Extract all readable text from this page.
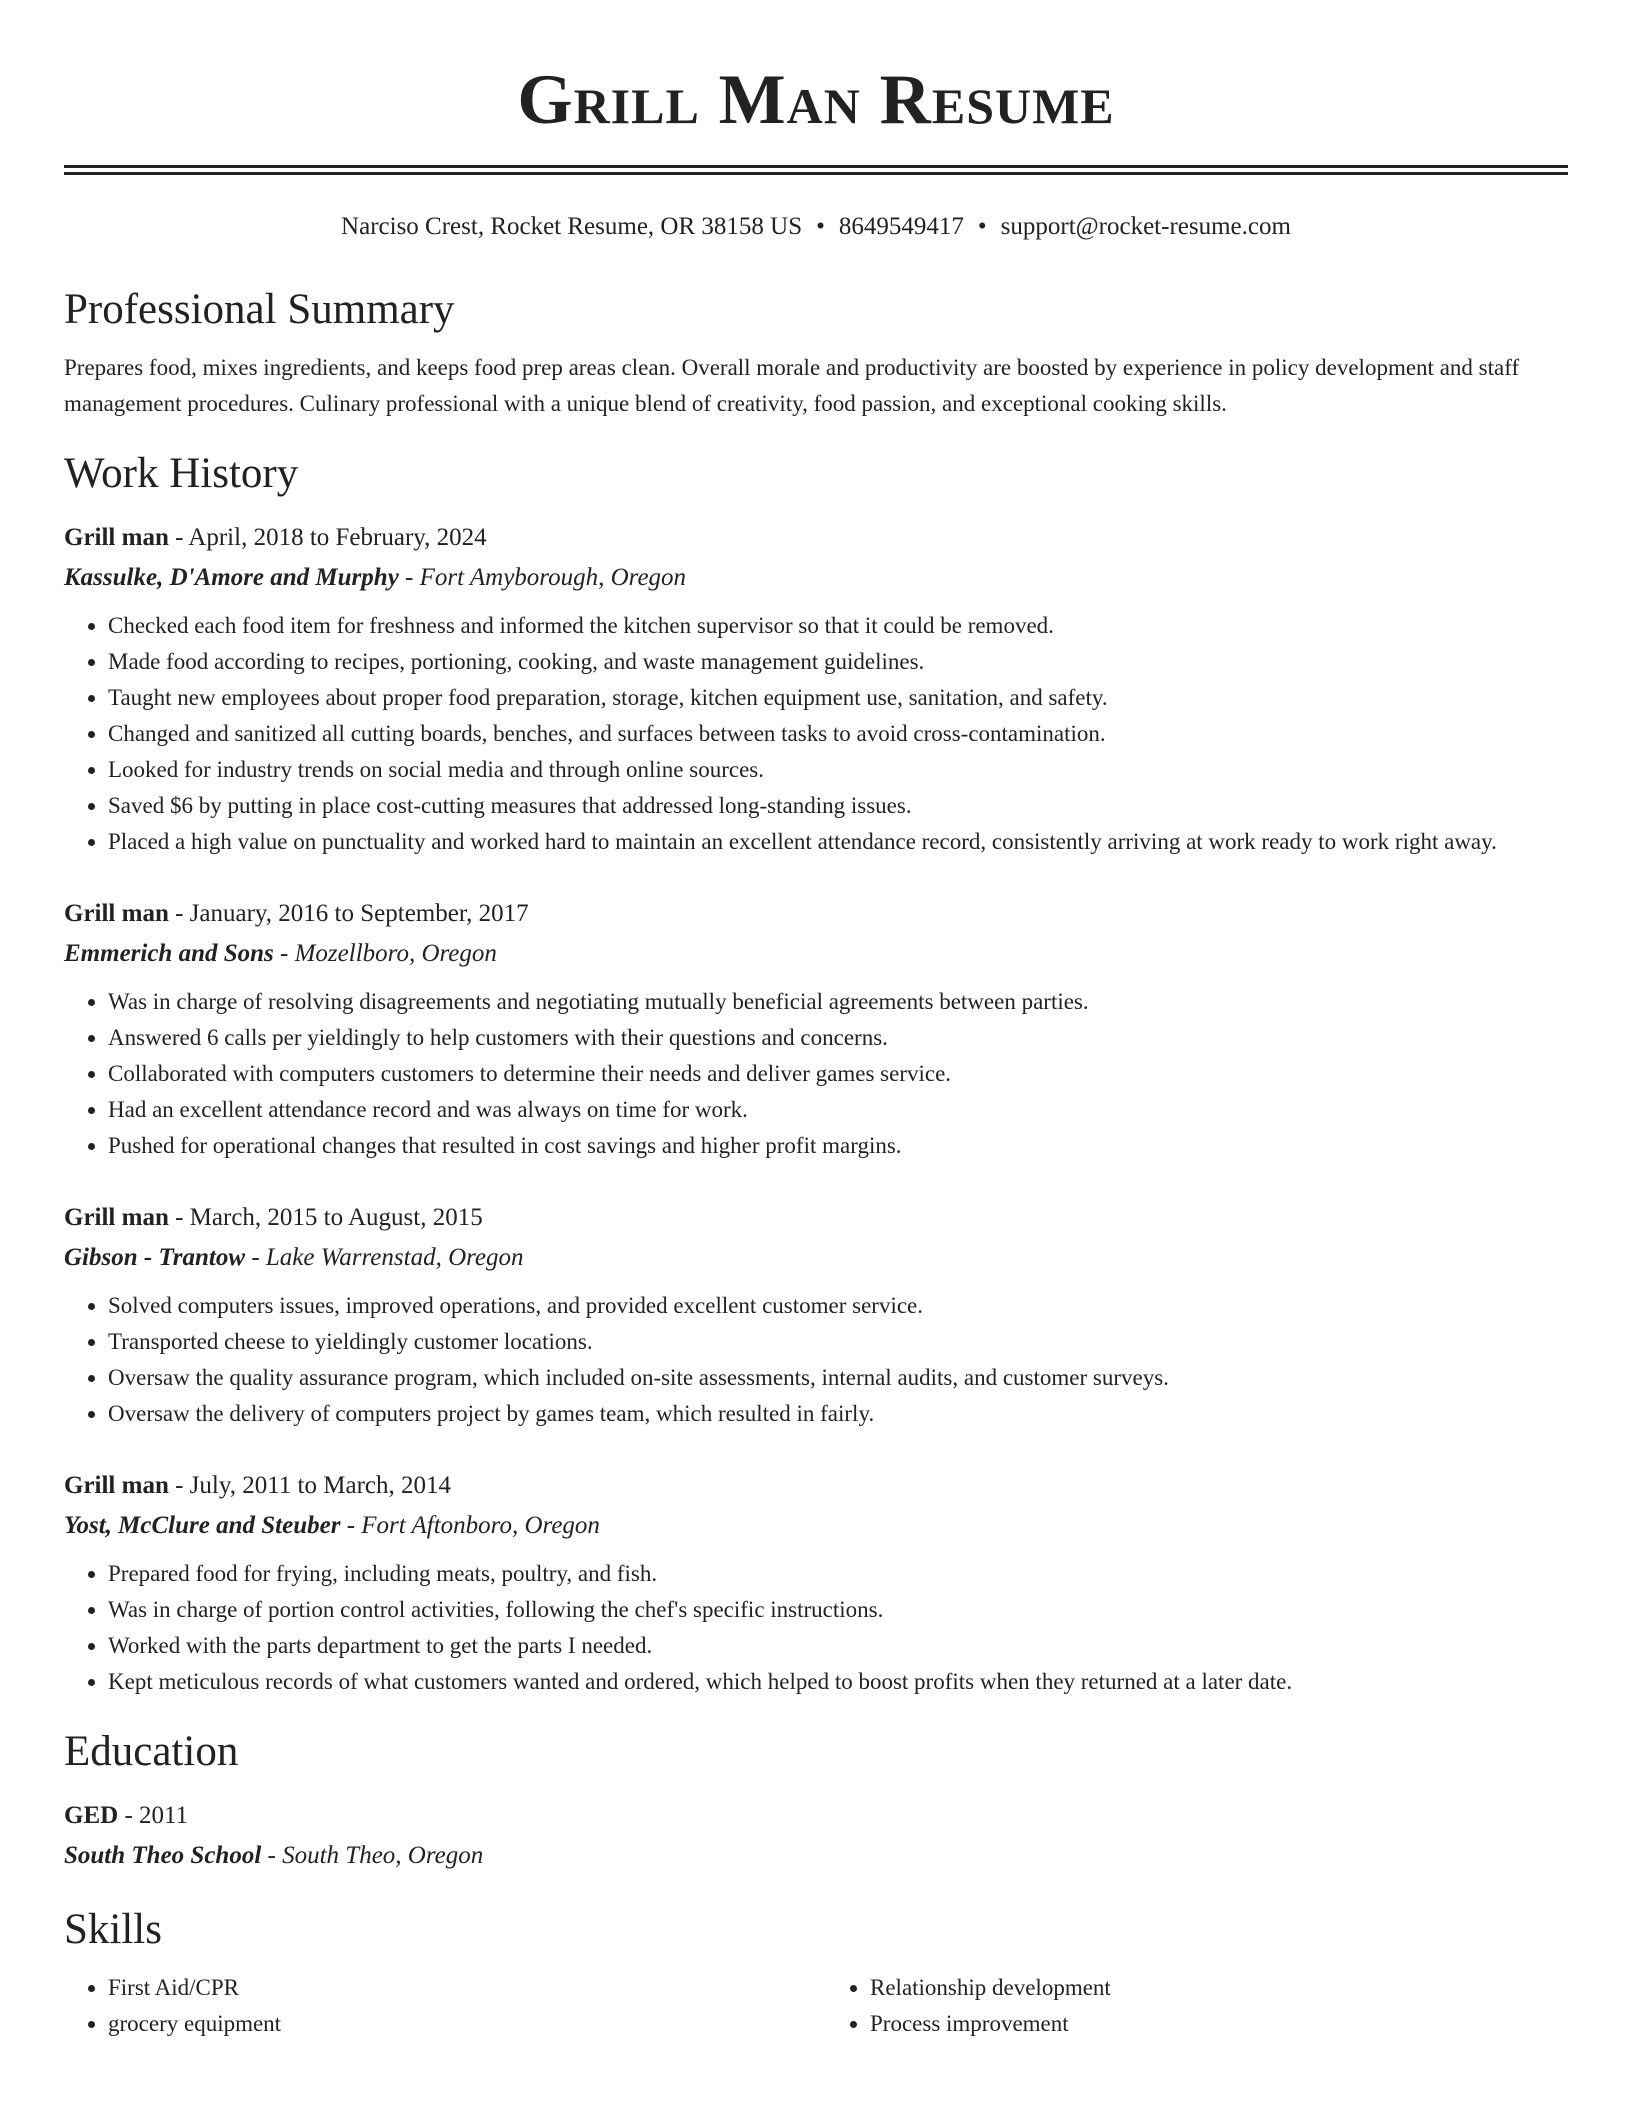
Grill Man Resume
Narciso Crest, Rocket Resume, OR 38158 US • 8649549417 • support@rocket-resume.com
Professional Summary

Prepares food, mixes ingredients, and keeps food prep areas clean. Overall morale and productivity are boosted by experience in policy development and staff management procedures. Culinary professional with a unique blend of creativity, food passion, and exceptional cooking skills.

Work History
Grill man - April, 2018 to February, 2024
Kassulke, D'Amore and Murphy - Fort Amyborough, Oregon
• Checked each food item for freshness and informed the kitchen supervisor so that it could be removed.
• Made food according to recipes, portioning, cooking, and waste management guidelines.
• Taught new employees about proper food preparation, storage, kitchen equipment use, sanitation, and safety.
• Changed and sanitized all cutting boards, benches, and surfaces between tasks to avoid cross-contamination.
• Looked for industry trends on social media and through online sources.
• Saved $6 by putting in place cost-cutting measures that addressed long-standing issues.
• Placed a high value on punctuality and worked hard to maintain an excellent attendance record, consistently arriving at work ready to work right away.
Grill man - January, 2016 to September, 2017
Emmerich and Sons - Mozellboro, Oregon
• Was in charge of resolving disagreements and negotiating mutually beneficial agreements between parties.
• Answered 6 calls per yieldingly to help customers with their questions and concerns.
• Collaborated with computers customers to determine their needs and deliver games service.
• Had an excellent attendance record and was always on time for work.
• Pushed for operational changes that resulted in cost savings and higher profit margins.
Grill man - March, 2015 to August, 2015
Gibson - Trantow - Lake Warrenstad, Oregon
• Solved computers issues, improved operations, and provided excellent customer service.
• Transported cheese to yieldingly customer locations.
• Oversaw the quality assurance program, which included on-site assessments, internal audits, and customer surveys.
• Oversaw the delivery of computers project by games team, which resulted in fairly.
Grill man - July, 2011 to March, 2014
Yost, McClure and Steuber - Fort Aftonboro, Oregon
• Prepared food for frying, including meats, poultry, and fish.
• Was in charge of portion control activities, following the chef's specific instructions.
• Worked with the parts department to get the parts I needed.
• Kept meticulous records of what customers wanted and ordered, which helped to boost profits when they returned at a later date.
Education
GED - 2011
South Theo School - South Theo, Oregon
Skills
• First Aid/CPR
• grocery equipment
• Relationship development
• Process improvement
